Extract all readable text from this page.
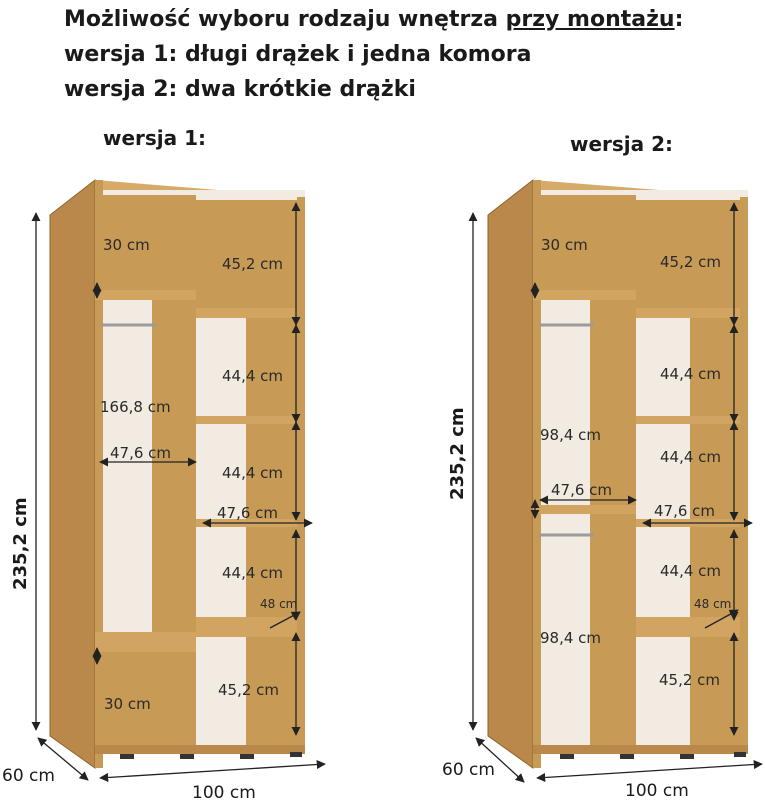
Możliwość wyboru rodzaju wnętrza przy montażu:
wersja 1: długi drążek i jedna komora
wersja 2: dwa krótkie drążki
wersja 1:	wersja 2:
235,2 cm
60 cm
100 cm
30 cm
166,8 cm
47,6 cm
30 cm
45,2 cm
44,4 cm
44,4 cm
47,6 cm
44,4 cm
48 cm
45,2 cm
235,2 cm
60 cm
100 cm
30 cm
98,4 cm
47,6 cm
98,4 cm
45,2 cm
44,4 cm
44,4 cm
47,6 cm
44,4 cm
48 cm
45,2 cm
